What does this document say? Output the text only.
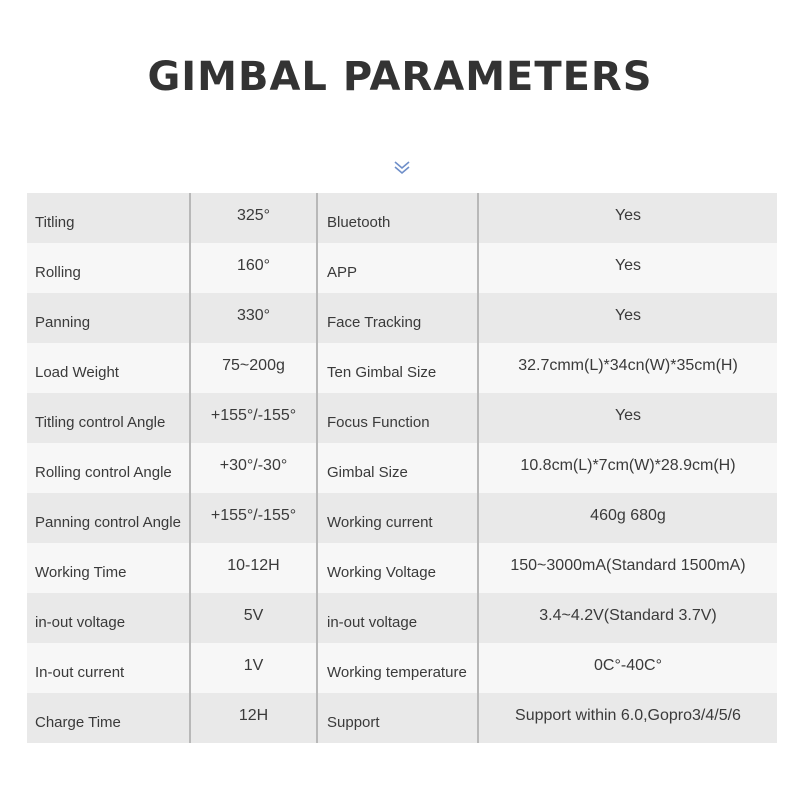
GIMBAL PARAMETERS
Titling	325°	Bluetooth	Yes
Rolling	160°	APP	Yes
Panning	330°	Face Tracking	Yes
Load Weight	75~200g	Ten Gimbal Size	32.7cmm(L)*34cn(W)*35cm(H)
Titling control Angle	+155°/-155°	Focus Function	Yes
Rolling control Angle	+30°/-30°	Gimbal Size	10.8cm(L)*7cm(W)*28.9cm(H)
Panning control Angle	+155°/-155°	Working current	460g 680g
Working Time	10-12H	Working Voltage	150~3000mA(Standard 1500mA)
in-out voltage	5V	in-out voltage	3.4~4.2V(Standard 3.7V)
In-out current	1V	Working temperature	0C°-40C°
Charge Time	12H	Support	Support within 6.0,Gopro3/4/5/6
